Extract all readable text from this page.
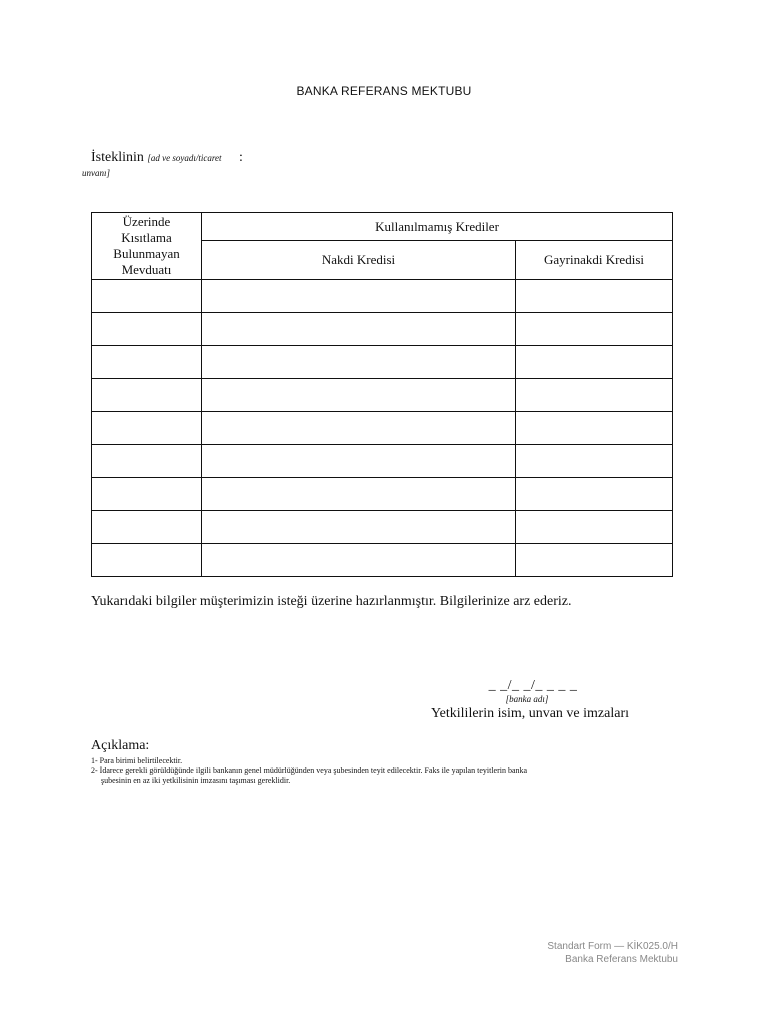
BANKA REFERANS MEKTUBU
İsteklinin [ad ve soyadı/ticaret :
unvanı]
Üzerinde
Kısıtlama
Bulunmayan
Mevduatı	Kullanılmamış Krediler	
	Nakdi Kredisi	Gayrinakdi Kredisi

Yukarıdaki bilgiler müşterimizin isteği üzerine hazırlanmıştır. Bilgilerinize arz ederiz.
_ _/_ _/_ _ _ _
[banka adı]
Yetkililerin isim, unvan ve imzaları
Açıklama:

1- Para birimi belirtilecektir.

2- İdarece gerekli görüldüğünde ilgili bankanın genel müdürlüğünden veya şubesinden teyit edilecektir. Faks ile yapılan teyitlerin banka

şubesinin en az iki yetkilisinin imzasını taşıması gereklidir.

Standart Form — KİK025.0/H
Banka Referans Mektubu
